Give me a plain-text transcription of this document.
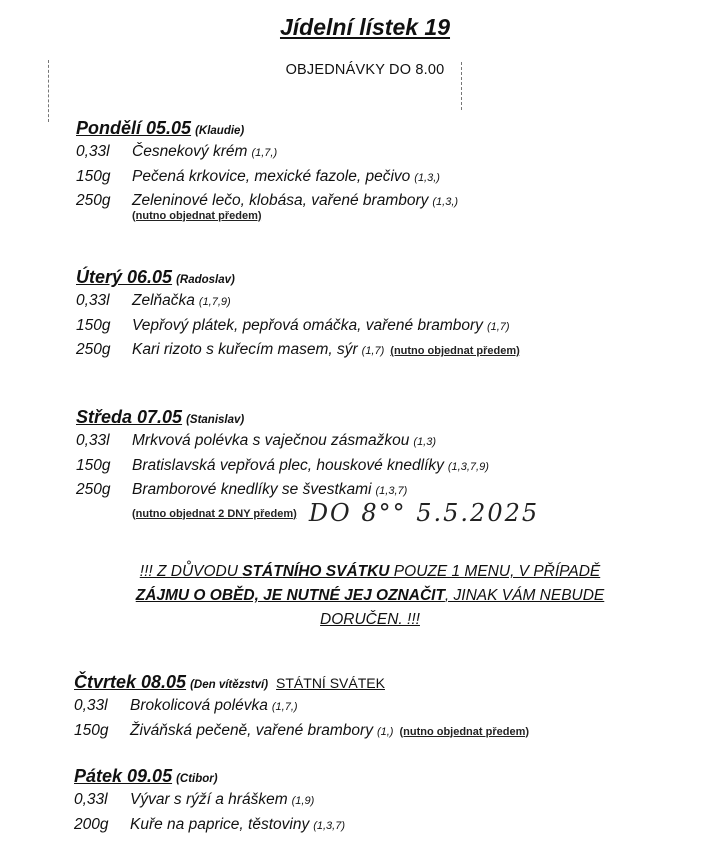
Jídelní lístek 19
OBJEDNÁVKY DO 8.00
Pondělí 05.05 (Klaudie)
0,33l Česnekový krém (1,7,)
150g Pečená krkovice, mexické fazole, pečivo (1,3,)
250g Zeleninové lečo, klobása, vařené brambory (1,3,)
(nutno objednat předem)
Úterý 06.05 (Radoslav)
0,33l Zelňačka (1,7,9)
150g Vepřový plátek, pepřová omáčka, vařené brambory (1,7)
250g Kari rizoto s kuřecím masem, sýr (1,7) (nutno objednat předem)
Středa 07.05 (Stanislav)
0,33l Mrkvová polévka s vaječnou zásmažkou (1,3)
150g Bratislavská vepřová plec, houskové knedlíky (1,3,7,9)
250g Bramborové knedlíky se švestkami (1,3,7)
(nutno objednat 2 DNY předem) DO 8°° 5.5.2025
!!! Z DŮVODU STÁTNÍHO SVÁTKU POUZE 1 MENU, V PŘÍPADĚ
ZÁJMU O OBĚD, JE NUTNÉ JEJ OZNAČIT, JINAK VÁM NEBUDE
DORUČEN. !!!
Čtvrtek 08.05 (Den vítězství) STÁTNÍ SVÁTEK
0,33l Brokolicová polévka (1,7,)
150g Živáňská pečeně, vařené brambory (1,) (nutno objednat předem)
Pátek 09.05 (Ctibor)
0,33l Vývar s rýží a hráškem (1,9)
200g Kuře na paprice, těstoviny (1,3,7)
